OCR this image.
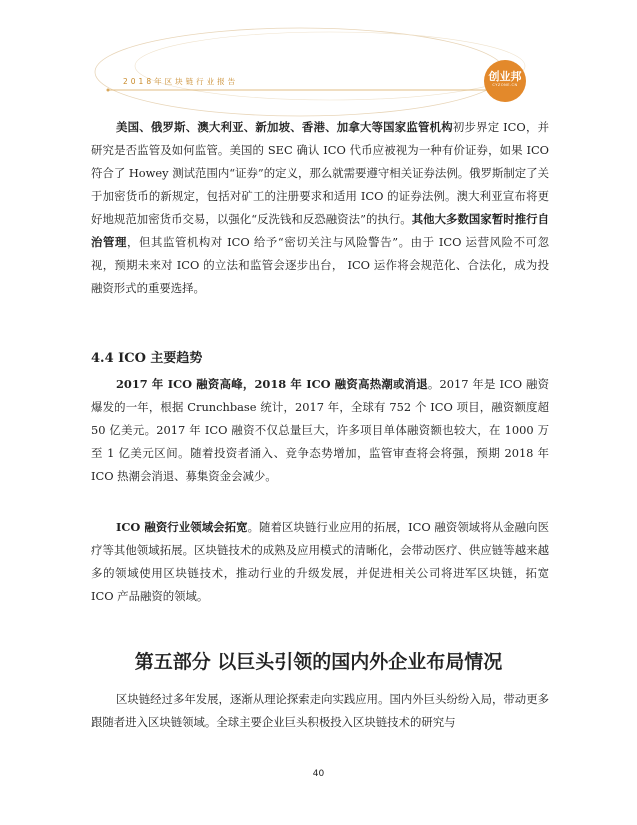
2018年区块链行业报告	创业邦
CYZONE.CN

美国、俄罗斯、澳大利亚、新加坡、香港、加拿大等国家监管机构初步界定 ICO，并研究是否监管及如何监管。美国的 SEC 确认 ICO 代币应被视为一种有价证券，如果 ICO 符合了 Howey 测试范围内“证券”的定义，那么就需要遵守相关证券法例。俄罗斯制定了关于加密货币的新规定，包括对矿工的注册要求和适用 ICO 的证券法例。澳大利亚宣布将更好地规范加密货币交易，以强化“反洗钱和反恐融资法”的执行。其他大多数国家暂时推行自治管理，但其监管机构对 ICO 给予“密切关注与风险警告”。由于 ICO 运营风险不可忽视，预期未来对 ICO 的立法和监管会逐步出台， ICO 运作将会规范化、合法化，成为投融资形式的重要选择。

4.4 ICO 主要趋势

2017 年 ICO 融资高峰，2018 年 ICO 融资高热潮或消退。2017 年是 ICO 融资爆发的一年，根据 Crunchbase 统计，2017 年，全球有 752 个 ICO 项目，融资额度超 50 亿美元。2017 年 ICO 融资不仅总量巨大，许多项目单体融资额也较大，在 1000 万至 1 亿美元区间。随着投资者涌入、竞争态势增加，监管审查将会将强，预期 2018 年 ICO 热潮会消退、募集资金会减少。

ICO 融资行业领域会拓宽。随着区块链行业应用的拓展，ICO 融资领域将从金融向医疗等其他领域拓展。区块链技术的成熟及应用模式的清晰化，会带动医疗、供应链等越来越多的领域使用区块链技术，推动行业的升级发展，并促进相关公司将进军区块链，拓宽 ICO 产品融资的领域。

第五部分 以巨头引领的国内外企业布局情况

区块链经过多年发展，逐渐从理论探索走向实践应用。国内外巨头纷纷入局，带动更多跟随者进入区块链领域。全球主要企业巨头积极投入区块链技术的研究与

40
